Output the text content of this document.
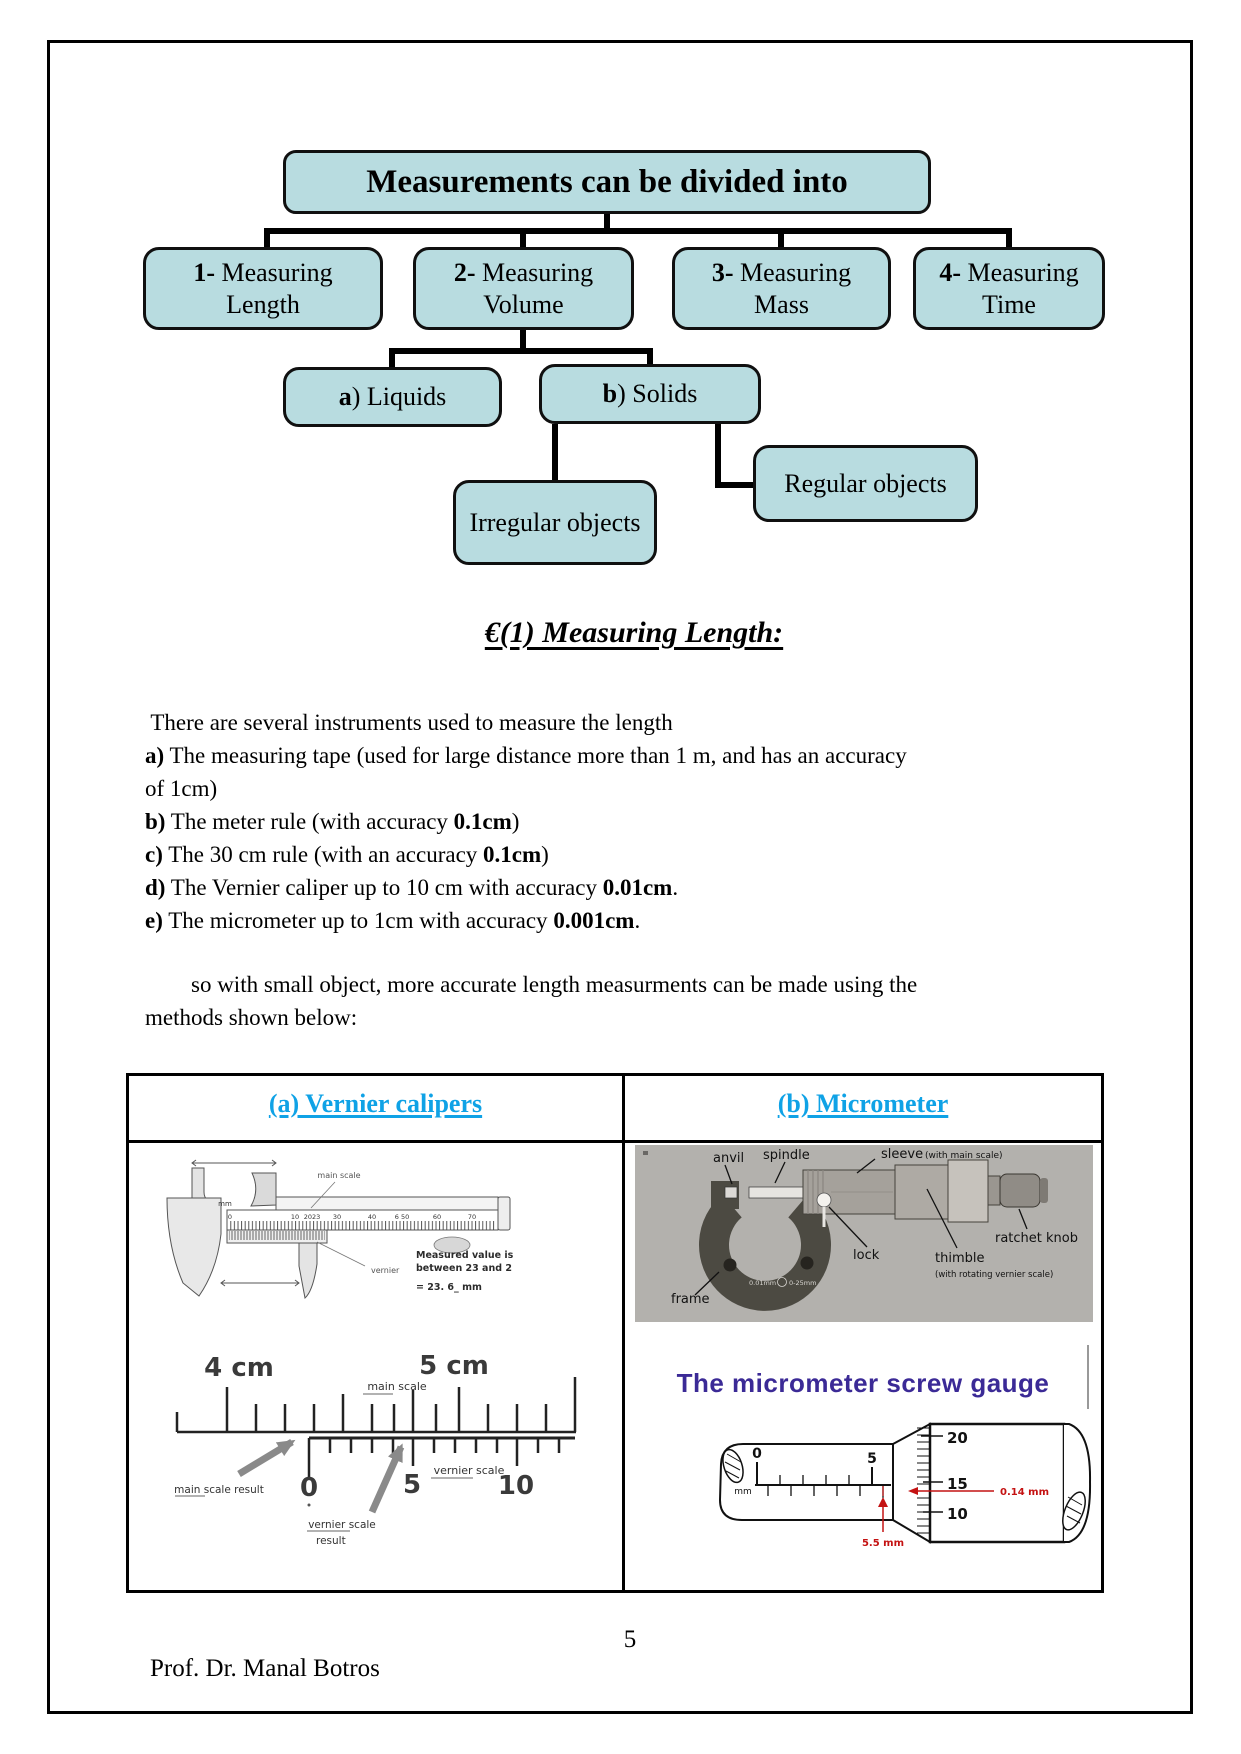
Measurements can be divided into
1- Measuring Length
2- Measuring Volume
3- Measuring Mass
4- Measuring Time
a) Liquids	b) Solids
Irregular objects
Regular objects
€(1) Measuring Length:
There are several instruments used to measure the length
a) The measuring tape (used for large distance more than 1 m, and has an accuracy
of 1cm)
b) The meter rule (with accuracy 0.1cm)
c) The 30 cm rule (with an accuracy 0.1cm)
d) The Vernier caliper up to 10 cm with accuracy 0.01cm.
e) The micrometer up to 1cm with accuracy 0.001cm.
so with small object, more accurate length measurments can be made using the
methods shown below:
(a) Vernier calipers	(b) Micrometer
mm
0	10 2023 30	40	6 50	60	70
main scale
vernier
Measured value is
between 23 and 2
= 23. 6_ mm
4 cm	5 cm
main scale
vernier scale
0	5	10
main scale result
vernier scale
result
0.01mm 0-25mm
anvil spindle	sleeve (with main scale)
lock	thimble
(with rotating vernier scale)
frame
ratchet knob
The micrometer screw gauge
0	5
mm
20
15
10
0.14 mm
5.5 mm
5
Prof. Dr. Manal Botros
